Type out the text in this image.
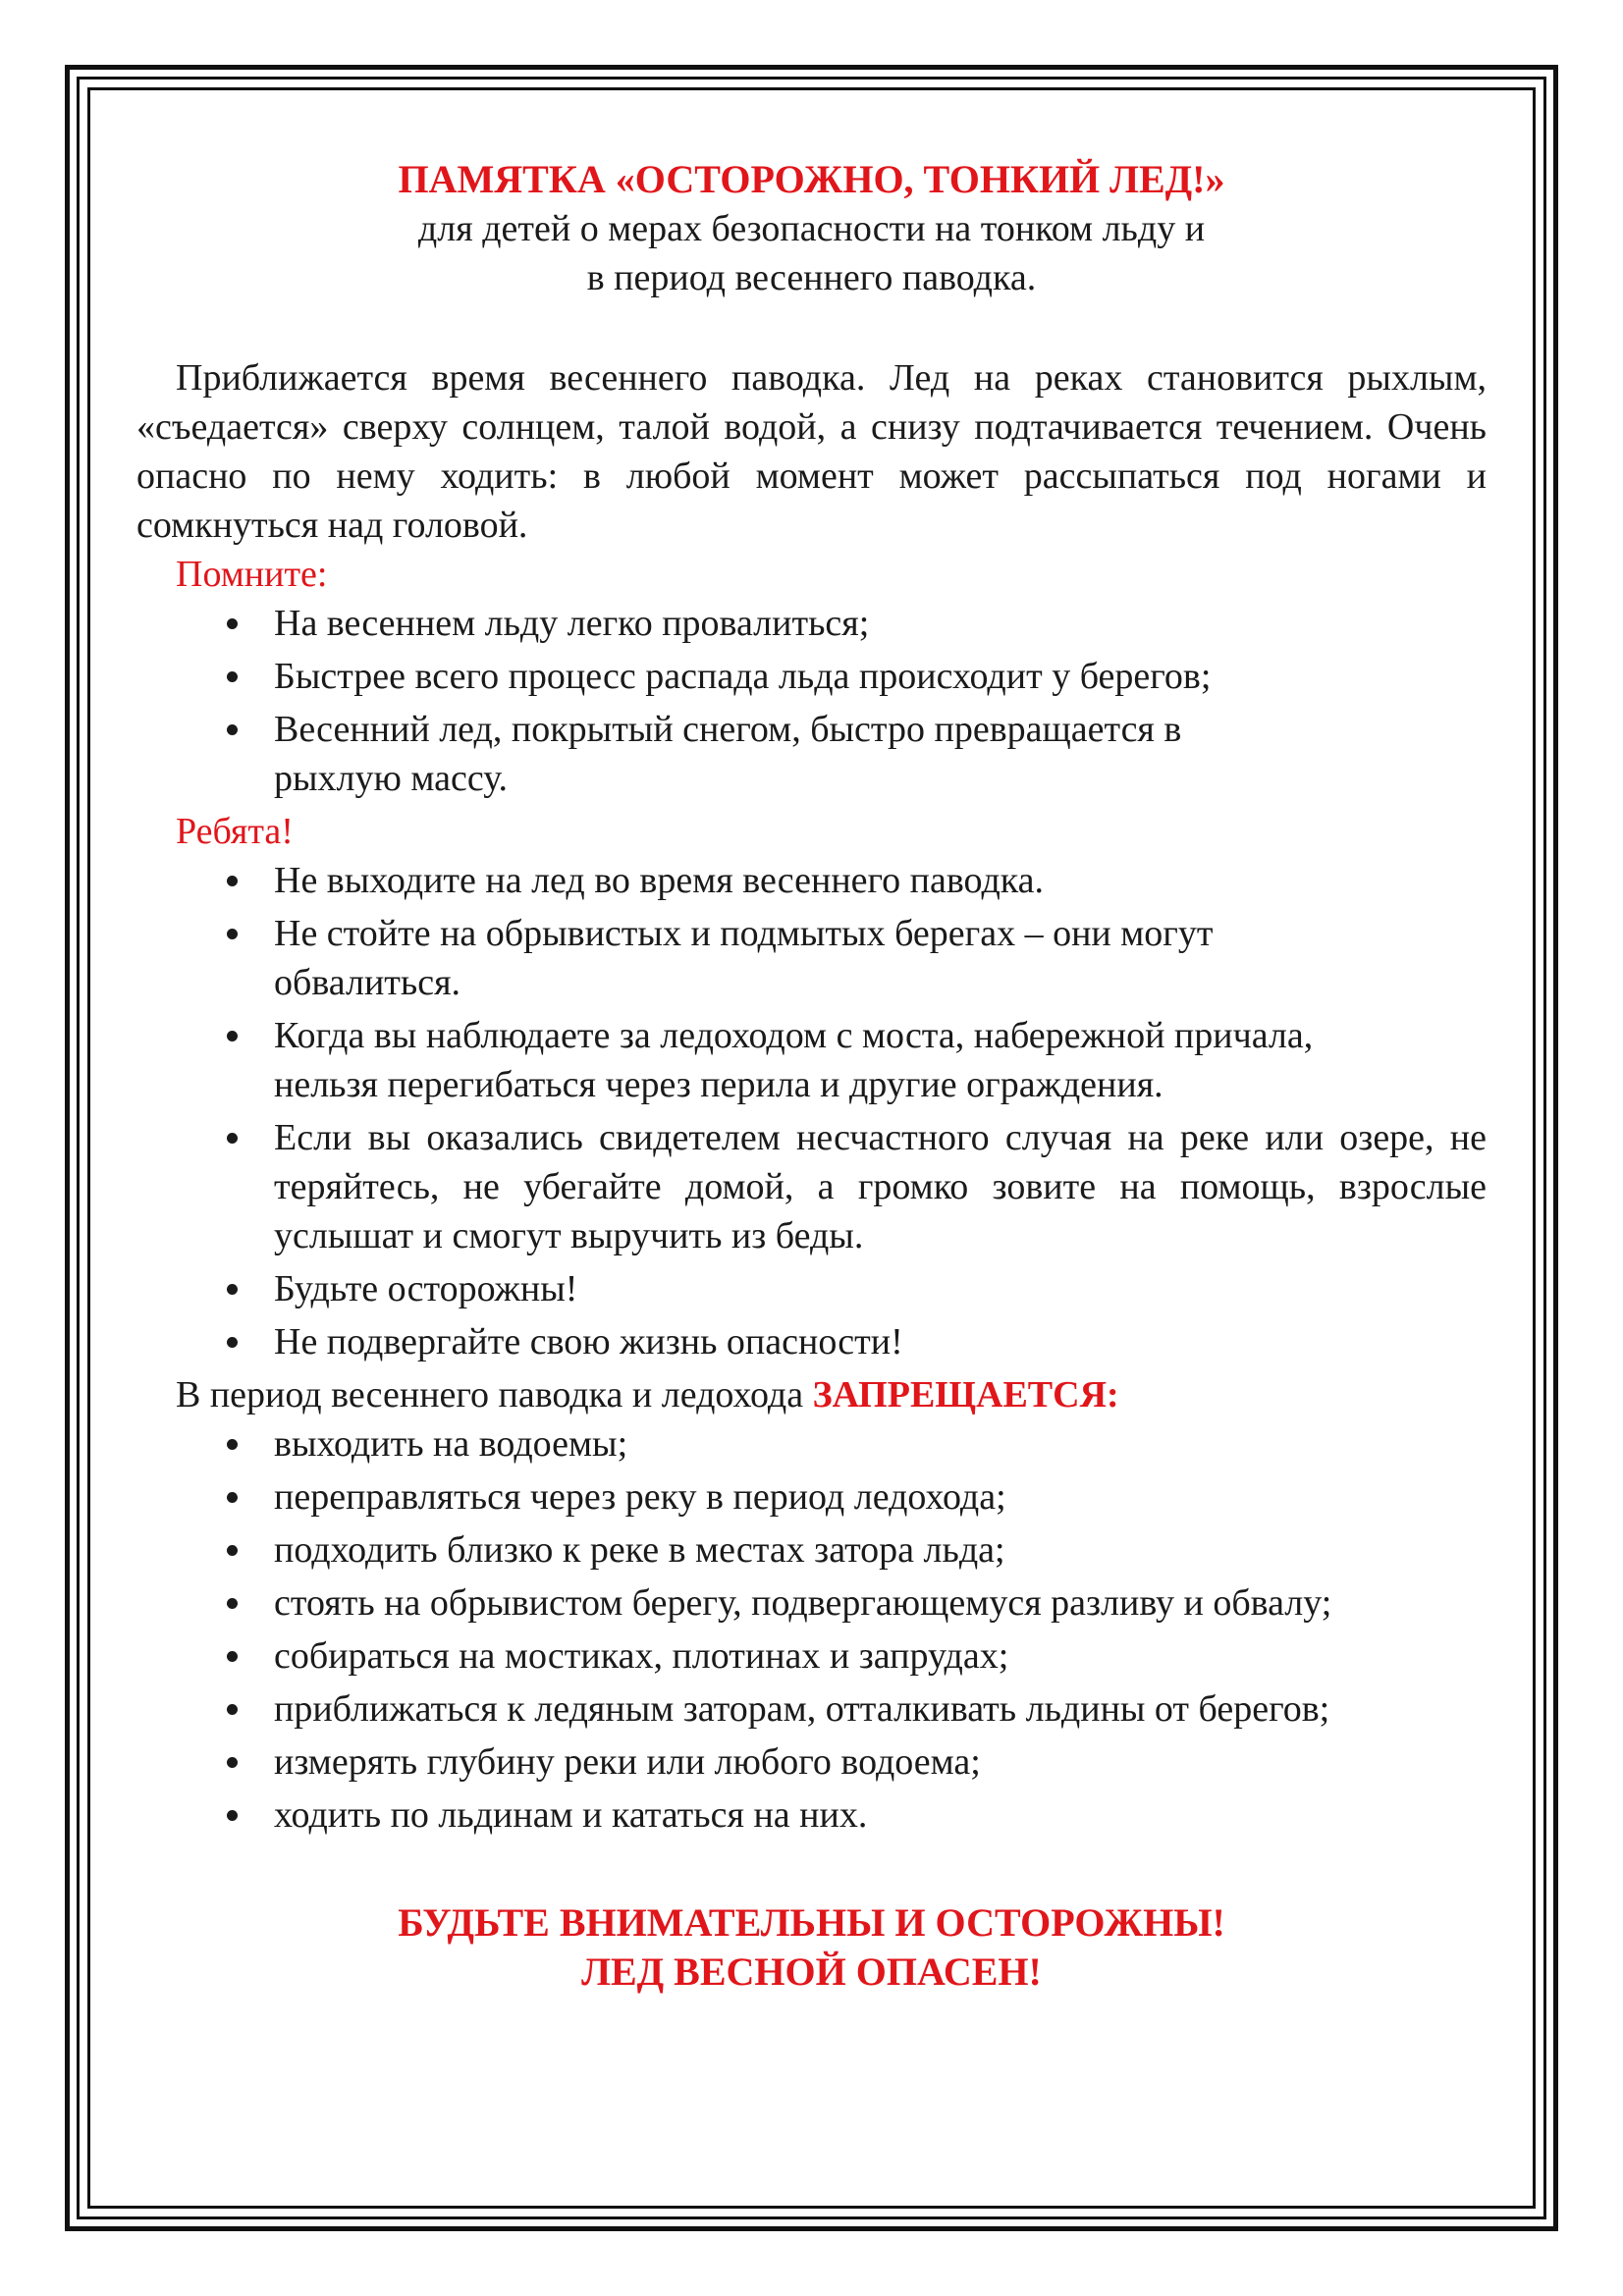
ПАМЯТКА «ОСТОРОЖНО, ТОНКИЙ ЛЕД!»

для детей о мерах безопасности на тонком льду и

в период весеннего паводка.

Приближается время весеннего паводка. Лед на реках становится рыхлым, «съедается» сверху солнцем, талой водой, а снизу подтачивается течением. Очень опасно по нему ходить: в любой момент может рассыпаться под ногами и сомкнуться над головой.

Помните:

На весеннем льду легко провалиться;
Быстрее всего процесс распада льда происходит у берегов;
Весенний лед, покрытый снегом, быстро превращается в рыхлую массу.

Ребята!

Не выходите на лед во время весеннего паводка.
Не стойте на обрывистых и подмытых берегах – они могут обвалиться.
Когда вы наблюдаете за ледоходом с моста, набережной причала, нельзя перегибаться через перила и другие ограждения.
Если вы оказались свидетелем несчастного случая на реке или озере, не теряйтесь, не убегайте домой, а громко зовите на помощь, взрослые услышат и смогут выручить из беды.
Будьте осторожны!
Не подвергайте свою жизнь опасности!

В период весеннего паводка и ледохода ЗАПРЕЩАЕТСЯ:

выходить на водоемы;
переправляться через реку в период ледохода;
подходить близко к реке в местах затора льда;
стоять на обрывистом берегу, подвергающемуся разливу и обвалу;
собираться на мостиках, плотинах и запрудах;
приближаться к ледяным заторам, отталкивать льдины от берегов;
измерять глубину реки или любого водоема;
ходить по льдинам и кататься на них.

БУДЬТЕ ВНИМАТЕЛЬНЫ И ОСТОРОЖНЫ!

ЛЕД ВЕСНОЙ ОПАСЕН!
